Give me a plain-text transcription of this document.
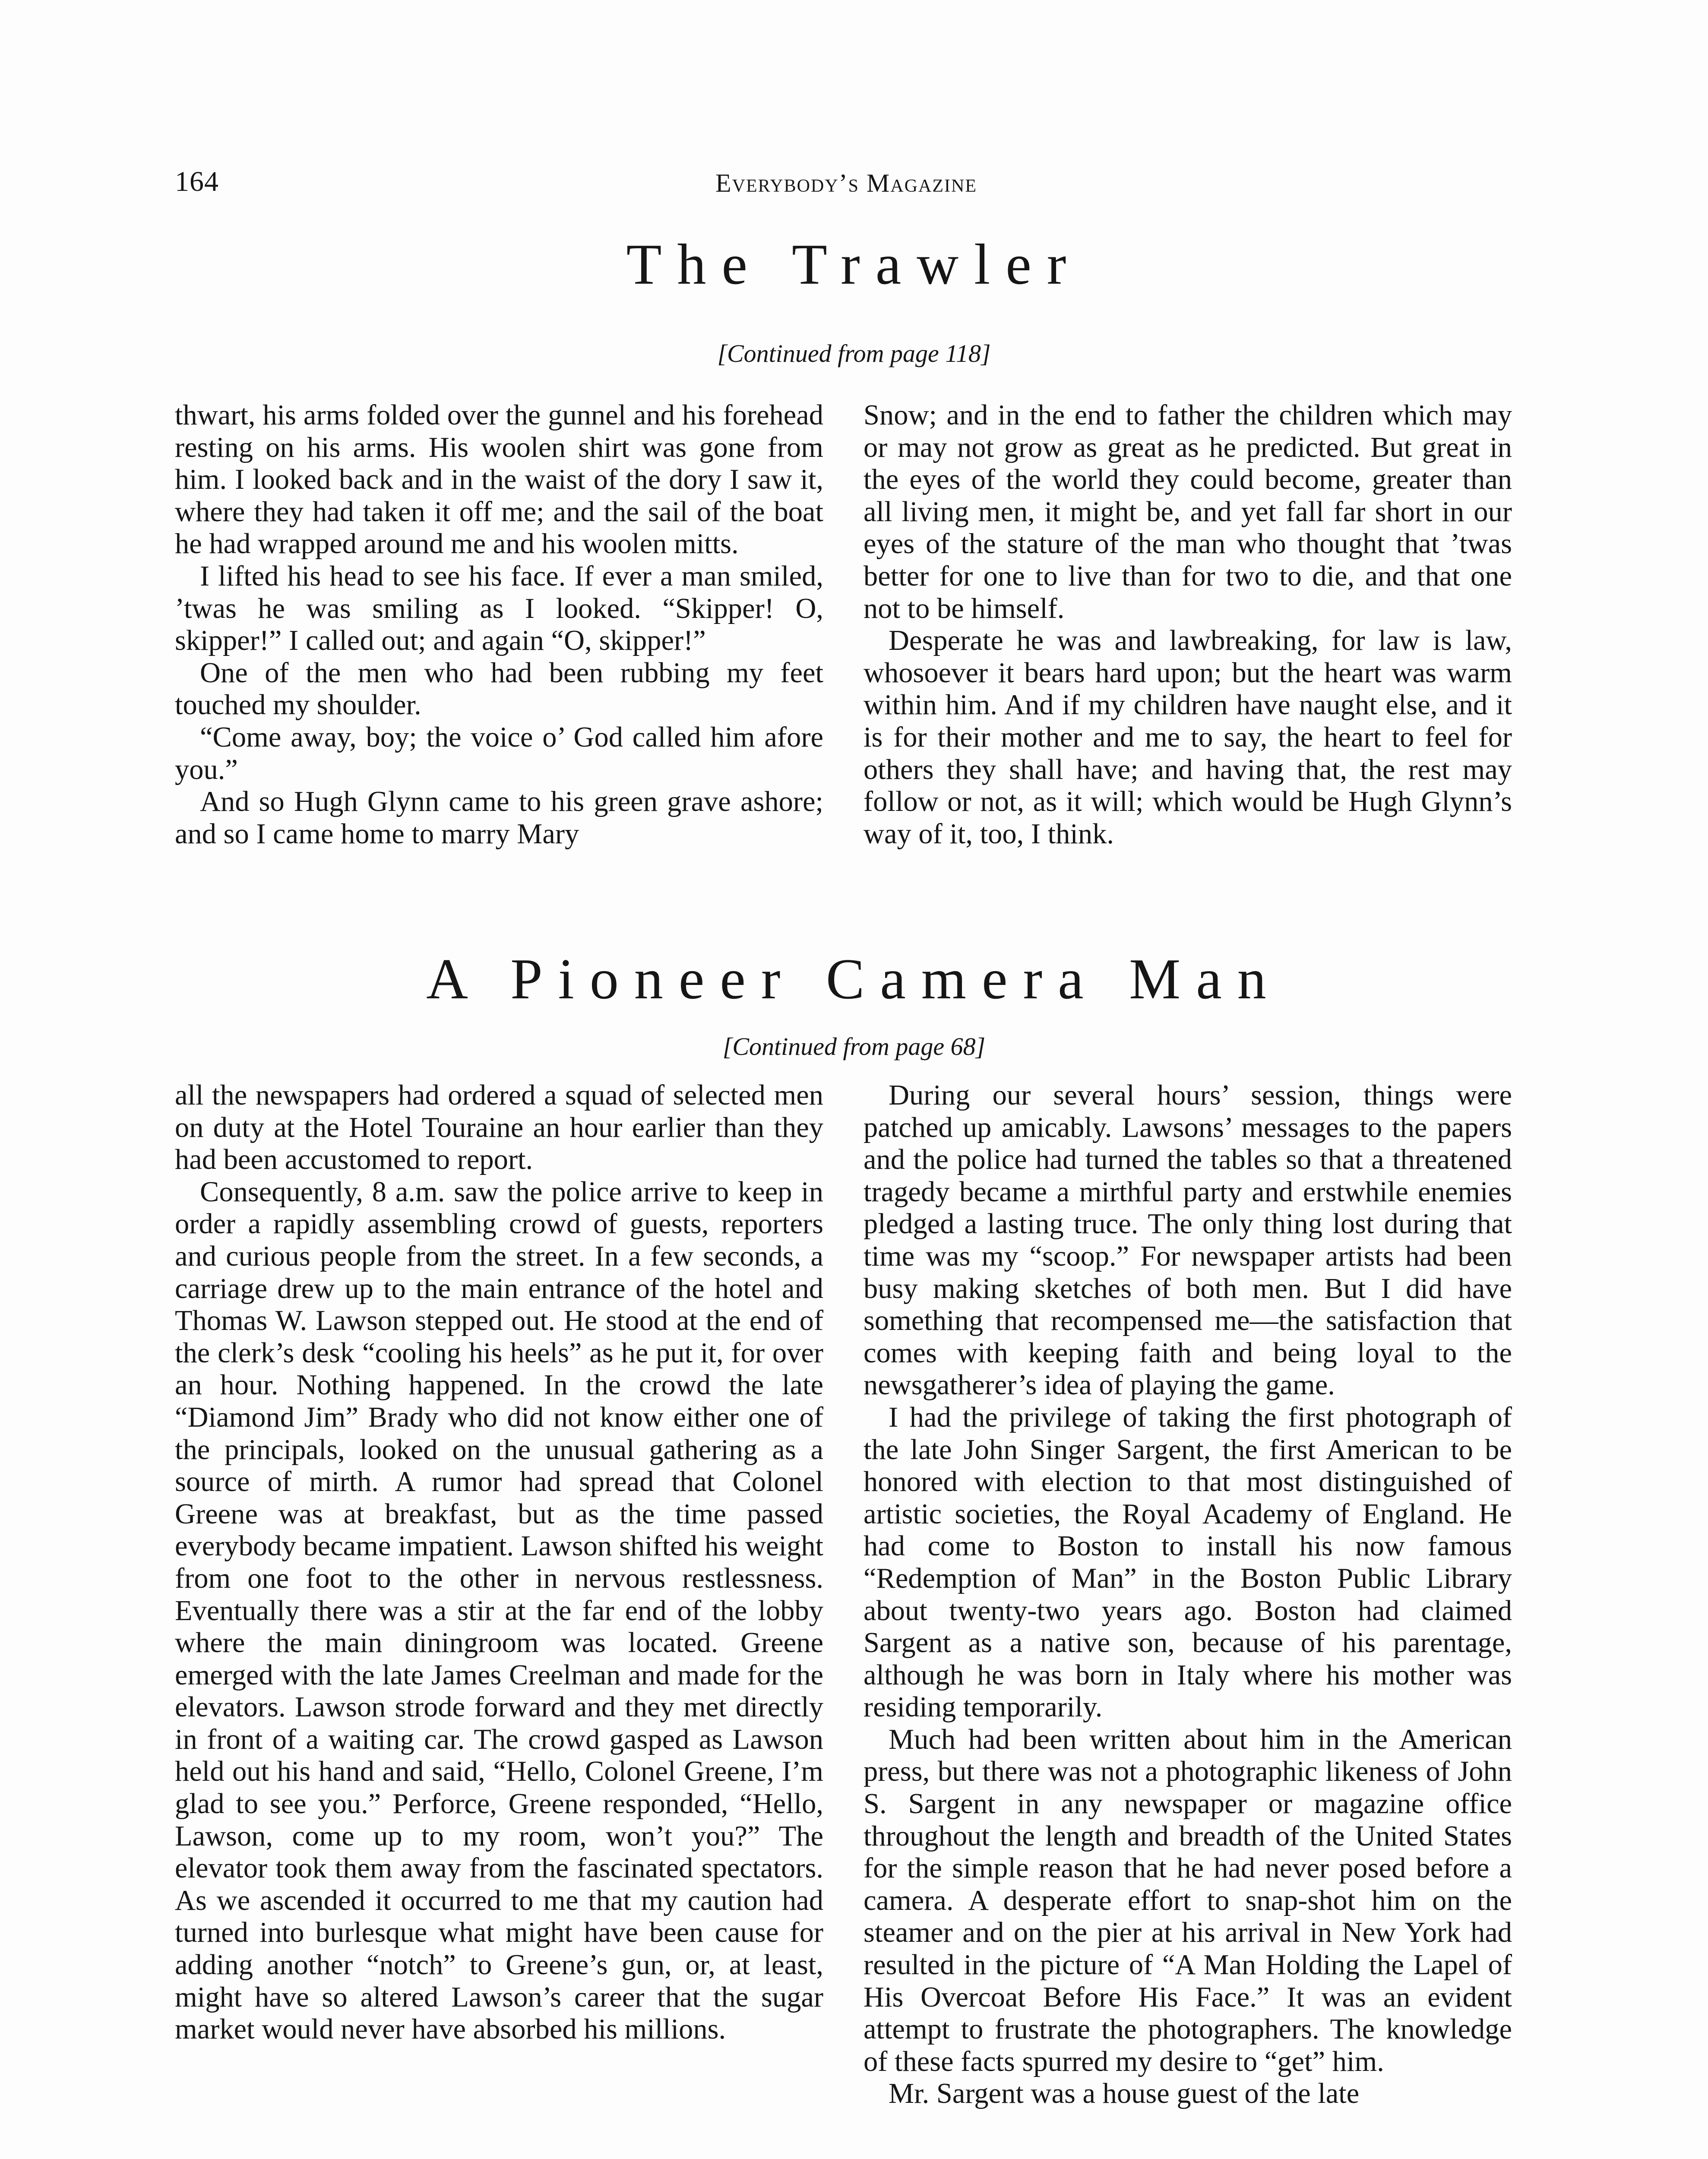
164	Everybody’s Magazine
The Trawler
[Continued from page 118]

thwart, his arms folded over the gunnel and his forehead resting on his arms. His woolen shirt was gone from him. I looked back and in the waist of the dory I saw it, where they had taken it off me; and the sail of the boat he had wrapped around me and his woolen mitts.

I lifted his head to see his face. If ever a man smiled, ’twas he was smiling as I looked. “Skipper! O, skipper!” I called out; and again “O, skipper!”

One of the men who had been rubbing my feet touched my shoulder.

“Come away, boy; the voice o’ God called him afore you.”

And so Hugh Glynn came to his green grave ashore; and so I came home to marry Mary

Snow; and in the end to father the children which may or may not grow as great as he predicted. But great in the eyes of the world they could become, greater than all living men, it might be, and yet fall far short in our eyes of the stature of the man who thought that ’twas better for one to live than for two to die, and that one not to be himself.

Desperate he was and lawbreaking, for law is law, whosoever it bears hard upon; but the heart was warm within him. And if my children have naught else, and it is for their mother and me to say, the heart to feel for others they shall have; and having that, the rest may follow or not, as it will; which would be Hugh Glynn’s way of it, too, I think.

A Pioneer Camera Man
[Continued from page 68]

all the newspapers had ordered a squad of selected men on duty at the Hotel Touraine an hour earlier than they had been accustomed to report.

Consequently, 8 a.m. saw the police arrive to keep in order a rapidly assembling crowd of guests, reporters and curious people from the street. In a few seconds, a carriage drew up to the main entrance of the hotel and Thomas W. Lawson stepped out. He stood at the end of the clerk’s desk “cooling his heels” as he put it, for over an hour. Nothing happened. In the crowd the late “Diamond Jim” Brady who did not know either one of the principals, looked on the unusual gathering as a source of mirth. A rumor had spread that Colonel Greene was at breakfast, but as the time passed everybody became impatient. Lawson shifted his weight from one foot to the other in nervous restlessness. Eventually there was a stir at the far end of the lobby where the main diningroom was located. Greene emerged with the late James Creelman and made for the elevators. Lawson strode forward and they met directly in front of a waiting car. The crowd gasped as Lawson held out his hand and said, “Hello, Colonel Greene, I’m glad to see you.” Perforce, Greene responded, “Hello, Lawson, come up to my room, won’t you?” The elevator took them away from the fascinated spectators. As we ascended it occurred to me that my caution had turned into burlesque what might have been cause for adding another “notch” to Greene’s gun, or, at least, might have so altered Lawson’s career that the sugar market would never have absorbed his millions.

During our several hours’ session, things were patched up amicably. Lawsons’ messages to the papers and the police had turned the tables so that a threatened tragedy became a mirthful party and erstwhile enemies pledged a lasting truce. The only thing lost during that time was my “scoop.” For newspaper artists had been busy making sketches of both men. But I did have something that recompensed me—the satisfaction that comes with keeping faith and being loyal to the newsgatherer’s idea of playing the game.

I had the privilege of taking the first photograph of the late John Singer Sargent, the first American to be honored with election to that most distinguished of artistic societies, the Royal Academy of England. He had come to Boston to install his now famous “Redemption of Man” in the Boston Public Library about twenty-two years ago. Boston had claimed Sargent as a native son, because of his parentage, although he was born in Italy where his mother was residing temporarily.

Much had been written about him in the American press, but there was not a photographic likeness of John S. Sargent in any newspaper or magazine office throughout the length and breadth of the United States for the simple reason that he had never posed before a camera. A desperate effort to snap-shot him on the steamer and on the pier at his arrival in New York had resulted in the picture of “A Man Holding the Lapel of His Overcoat Before His Face.” It was an evident attempt to frustrate the photographers. The knowledge of these facts spurred my desire to “get” him.

Mr. Sargent was a house guest of the late
